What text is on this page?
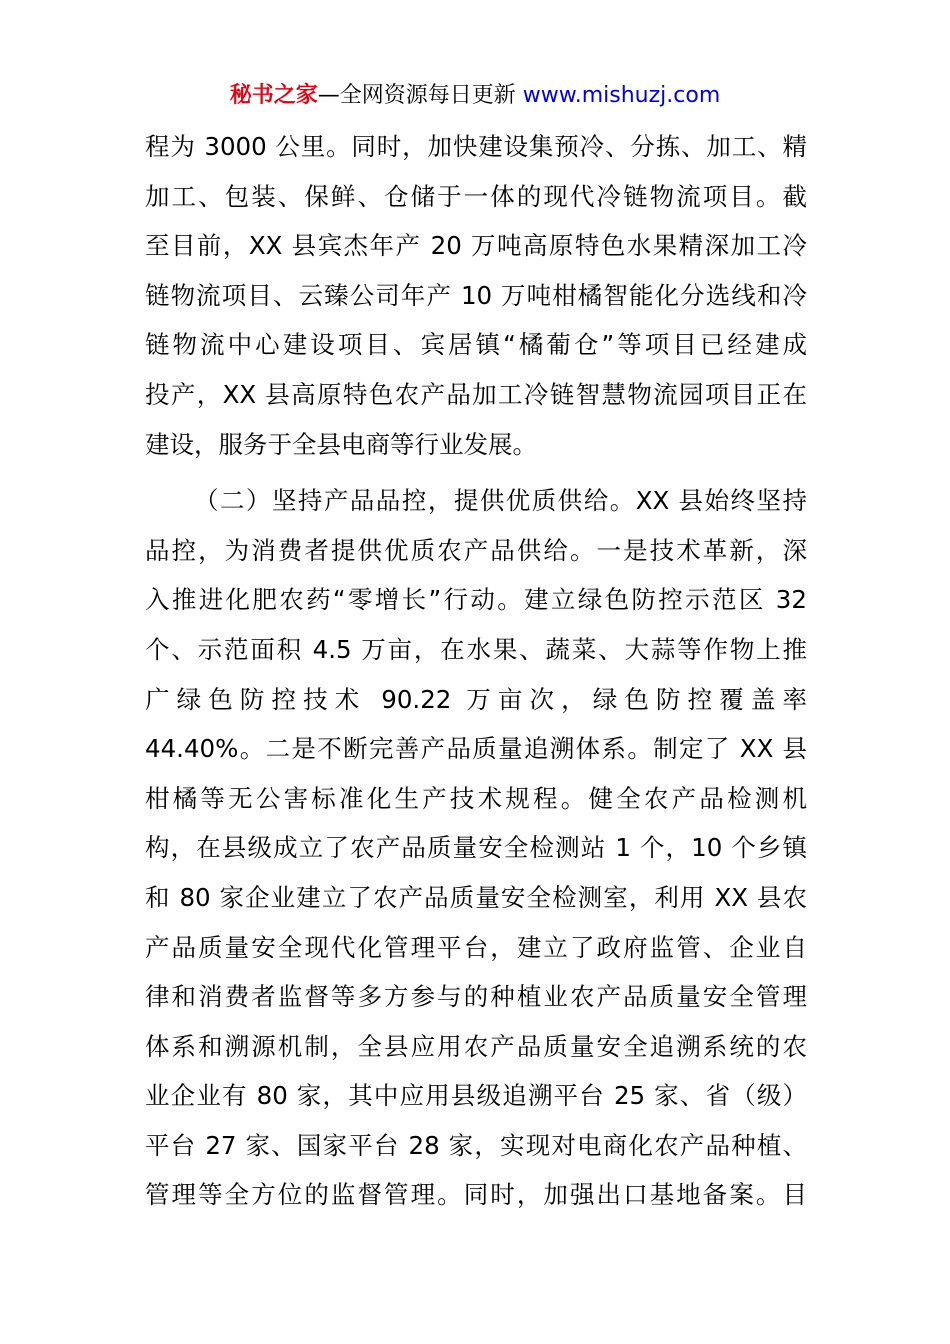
秘书之家—全网资源每日更新 www.mishuzj.com
程为 3000 公里。同时，加快建设集预冷、分拣、加工、精
加工、包装、保鲜、仓储于一体的现代冷链物流项目。截
至目前，XX 县宾杰年产 20 万吨高原特色水果精深加工冷
链物流项目、云臻公司年产 10 万吨柑橘智能化分选线和冷
链物流中心建设项目、宾居镇“橘葡仓”等项目已经建成
投产，XX 县高原特色农产品加工冷链智慧物流园项目正在
建设，服务于全县电商等行业发展。
（二）坚持产品品控，提供优质供给。XX 县始终坚持
品控，为消费者提供优质农产品供给。一是技术革新，深
入推进化肥农药“零增长”行动。建立绿色防控示范区 32
个、示范面积 4.5 万亩，在水果、蔬菜、大蒜等作物上推
广绿色防控技术 90.22 万亩次，绿色防控覆盖率
44.40%。二是不断完善产品质量追溯体系。制定了 XX 县
柑橘等无公害标准化生产技术规程。健全农产品检测机
构，在县级成立了农产品质量安全检测站 1 个，10 个乡镇
和 80 家企业建立了农产品质量安全检测室，利用 XX 县农
产品质量安全现代化管理平台，建立了政府监管、企业自
律和消费者监督等多方参与的种植业农产品质量安全管理
体系和溯源机制，全县应用农产品质量安全追溯系统的农
业企业有 80 家，其中应用县级追溯平台 25 家、省（级）
平台 27 家、国家平台 28 家，实现对电商化农产品种植、
管理等全方位的监督管理。同时，加强出口基地备案。目
